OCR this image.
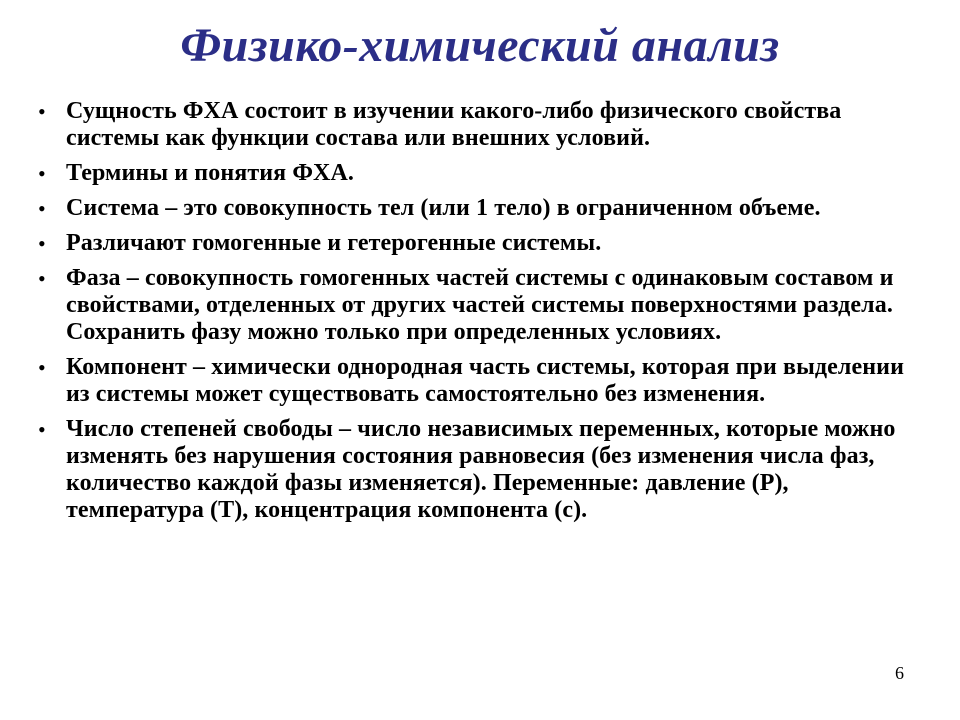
Физико-химический анализ
• Сущность ФХА состоит в изучении какого-либо физического свойства системы как функции состава или внешних условий.
• Термины и понятия ФХА.
• Система – это совокупность тел (или 1 тело) в ограниченном объеме.
• Различают гомогенные и гетерогенные системы.
• Фаза – совокупность гомогенных частей системы с одинаковым составом и свойствами, отделенных от других частей системы поверхностями раздела. Сохранить фазу можно только при определенных условиях.
• Компонент – химически однородная часть системы, которая при выделении из системы может существовать самостоятельно без изменения.
• Число степеней свободы – число независимых переменных, которые можно изменять без нарушения состояния равновесия (без изменения числа фаз, количество каждой фазы изменяется). Переменные: давление (Р), температура (Т), концентрация компонента (с).
6
